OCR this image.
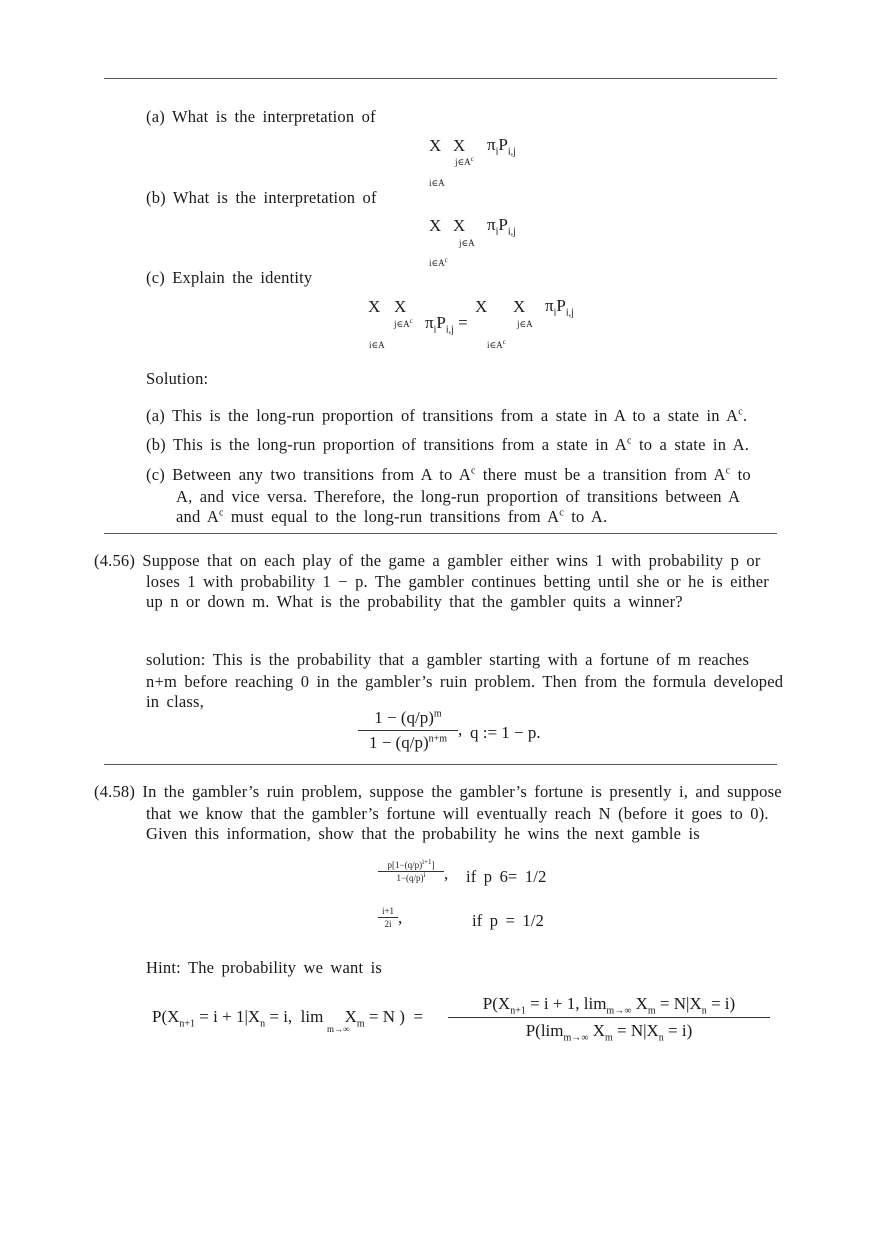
(a) What is the interpretation of
X X $\pi_iP_{i,j}$
$j\in A^c$
i∈A
(b) What is the interpretation of
X X $\pi_iP_{i,j}$
j∈A
$i\in A^c$
(c) Explain the identity
X X
$j\in A^c$ $\pi_iP_{i,j}$ =
i∈A
X X $\pi_iP_{i,j}$
j∈A
$i\in A^c$
Solution:
(a) This is the long-run proportion of transitions from a state in A to a state in $A^c$.
(b) This is the long-run proportion of transitions from a state in $A^c$ to a state in A.
(c) Between any two transitions from A to $A^c$ there must be a transition from $A^c$ to
A, and vice versa. Therefore, the long-run proportion of transitions between A
and $A^c$ must equal to the long-run transitions from $A^c$ to A.
(4.56) Suppose that on each play of the game a gambler either wins 1 with probability p or
loses 1 with probability 1 − p. The gambler continues betting until she or he is either
up n or down m. What is the probability that the gambler quits a winner?
solution: This is the probability that a gambler starting with a fortune of m reaches
n+m before reaching 0 in the gambler’s ruin problem. Then from the formula developed
in class,
$1 - (q/p)^m$
$1 - (q/p)^{n+m}$ , q := 1 − p.
(4.58) In the gambler’s ruin problem, suppose the gambler’s fortune is presently i, and suppose
that we know that the gambler’s fortune will eventually reach N (before it goes to 0).
Given this information, show that the probability he wins the next gamble is
$p[1-(q/p)^{i+1}]$
$1-(q/p)^i$	, if p 6= 1/2
i+1
2i ,	if p = 1/2
Hint: The probability we want is
$P(X_{n+1} = i + 1|X_n = i$,  lim     $X_m = N$ )  =
m→∞
$P(X_{n+1} = i + 1$, $\lim_{m\to\infty} X_m = N|X_n = i$)
$P(\lim_{m\to\infty}$ $X_m = N|X_n = i$)
